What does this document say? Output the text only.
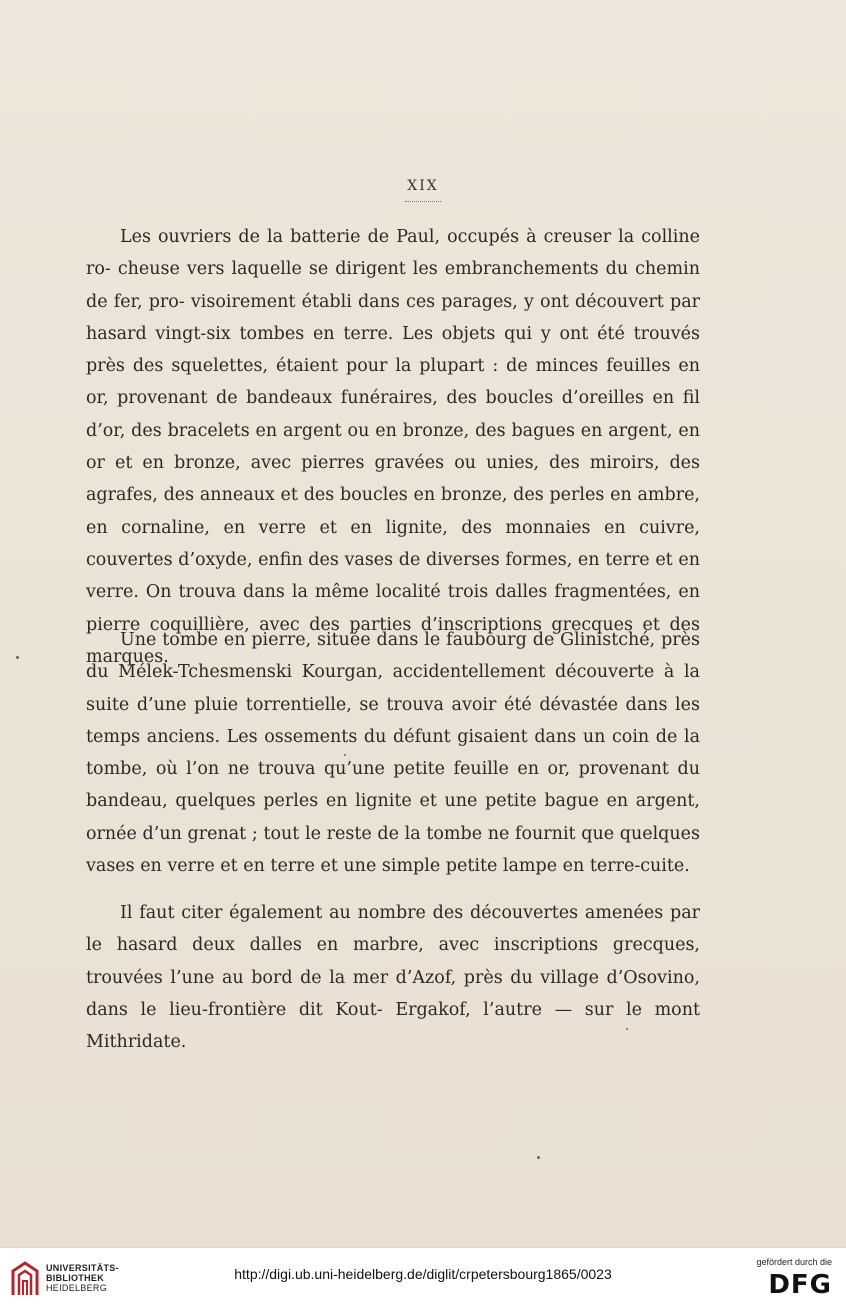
XIX

Les ouvriers de la batterie de Paul, occupés à creuser la colline ro- cheuse vers laquelle se dirigent les embranchements du chemin de fer, pro- visoirement établi dans ces parages, y ont découvert par hasard vingt-six tombes en terre. Les objets qui y ont été trouvés près des squelettes, étaient pour la plupart : de minces feuilles en or, provenant de bandeaux funéraires, des boucles d’oreilles en fil d’or, des bracelets en argent ou en bronze, des bagues en argent, en or et en bronze, avec pierres gravées ou unies, des miroirs, des agrafes, des anneaux et des boucles en bronze, des perles en ambre, en cornaline, en verre et en lignite, des monnaies en cuivre, couvertes d’oxyde, enfin des vases de diverses formes, en terre et en verre. On trouva dans la même localité trois dalles fragmentées, en pierre coquillière, avec des parties d’inscriptions grecques et des marques.

Une tombe en pierre, située dans le faubourg de Glinistché, près du Mélek-Tchesmenski Kourgan, accidentellement découverte à la suite d’une pluie torrentielle, se trouva avoir été dévastée dans les temps anciens. Les ossements du défunt gisaient dans un coin de la tombe, où l’on ne trouva qu’une petite feuille en or, provenant du bandeau, quelques perles en lignite et une petite bague en argent, ornée d’un grenat ; tout le reste de la tombe ne fournit que quelques vases en verre et en terre et une simple petite lampe en terre-cuite.

Il faut citer également au nombre des découvertes amenées par le hasard deux dalles en marbre, avec inscriptions grecques, trouvées l’une au bord de la mer d’Azof, près du village d’Osovino, dans le lieu-frontière dit Kout- Ergakof, l’autre — sur le mont Mithridate.

UNIVERSITÄTS-
BIBLIOTHEK
HEIDELBERG
http://digi.ub.uni-heidelberg.de/diglit/crpetersbourg1865/0023
gefördert durch die
DFG
